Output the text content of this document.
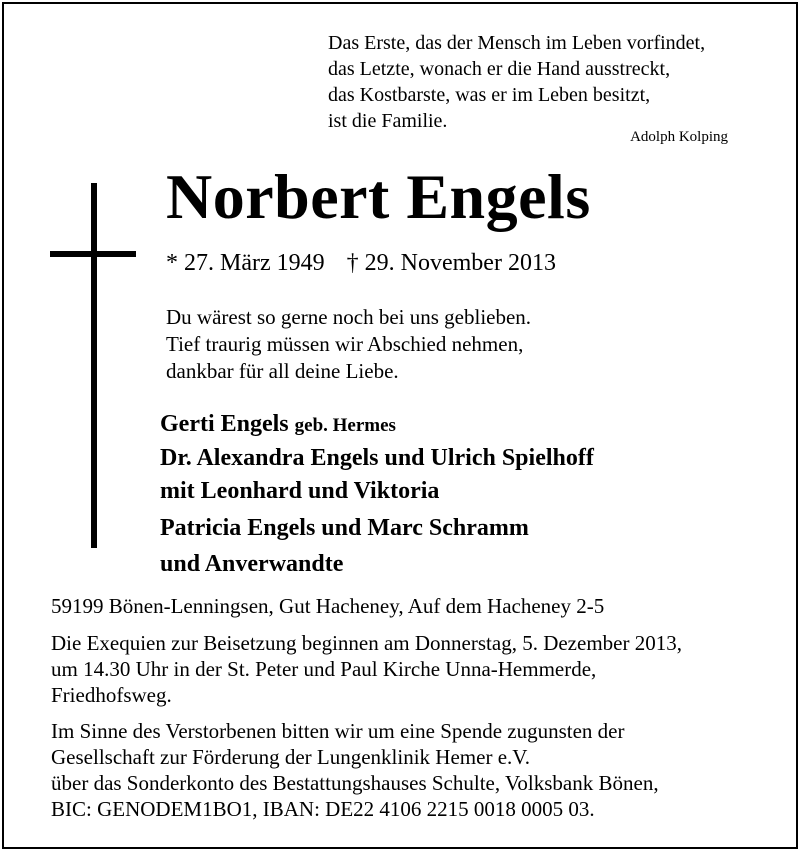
Das Erste, das der Mensch im Leben vorfindet,
das Letzte, wonach er die Hand ausstreckt,
das Kostbarste, was er im Leben besitzt,
ist die Familie.
Adolph Kolping
Norbert Engels
* 27. März 1949 † 29. November 2013
Du wärest so gerne noch bei uns geblieben.
Tief traurig müssen wir Abschied nehmen,
dankbar für all deine Liebe.
Gerti Engels geb. Hermes
Dr. Alexandra Engels und Ulrich Spielhoff
mit Leonhard und Viktoria
Patricia Engels und Marc Schramm
und Anverwandte
59199 Bönen-Lenningsen, Gut Hacheney, Auf dem Hacheney 2-5
Die Exequien zur Beisetzung beginnen am Donnerstag, 5. Dezember 2013,
um 14.30 Uhr in der St. Peter und Paul Kirche Unna-Hemmerde,
Friedhofsweg.
Im Sinne des Verstorbenen bitten wir um eine Spende zugunsten der
Gesellschaft zur Förderung der Lungenklinik Hemer e.V.
über das Sonderkonto des Bestattungshauses Schulte, Volksbank Bönen,
BIC: GENODEM1BO1, IBAN: DE22 4106 2215 0018 0005 03.
